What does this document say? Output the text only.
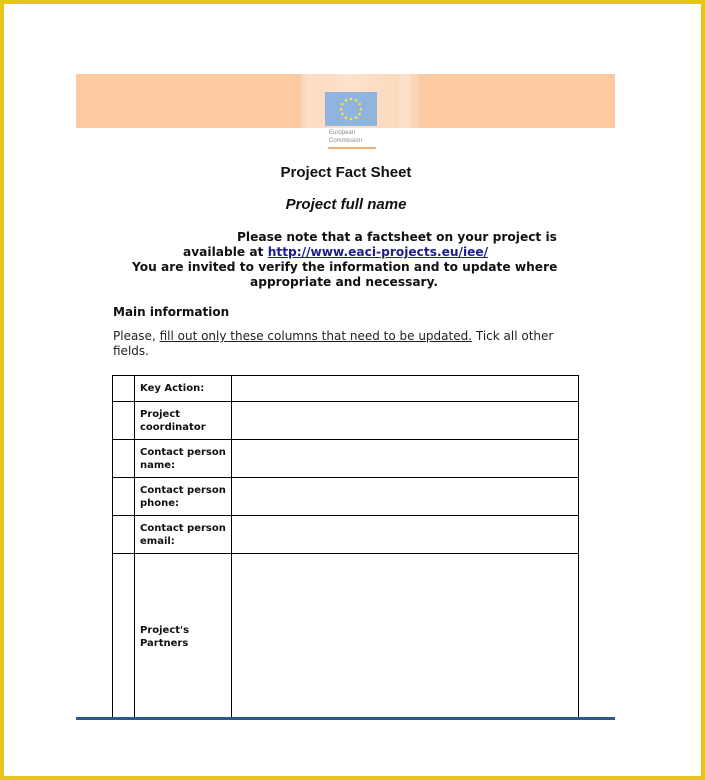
European
Commission
Project Fact Sheet
Project full name
Please note that a factsheet on your project is
available at http://www.eaci-projects.eu/iee/
You are invited to verify the information and to update where
appropriate and necessary.
Main information
Please, fill out only these columns that need to be updated. Tick all other fields.
	Key Action:	
	Project coordinator	
	Contact person name:	
	Contact person phone:	
	Contact person email:	
	Project's Partners	
